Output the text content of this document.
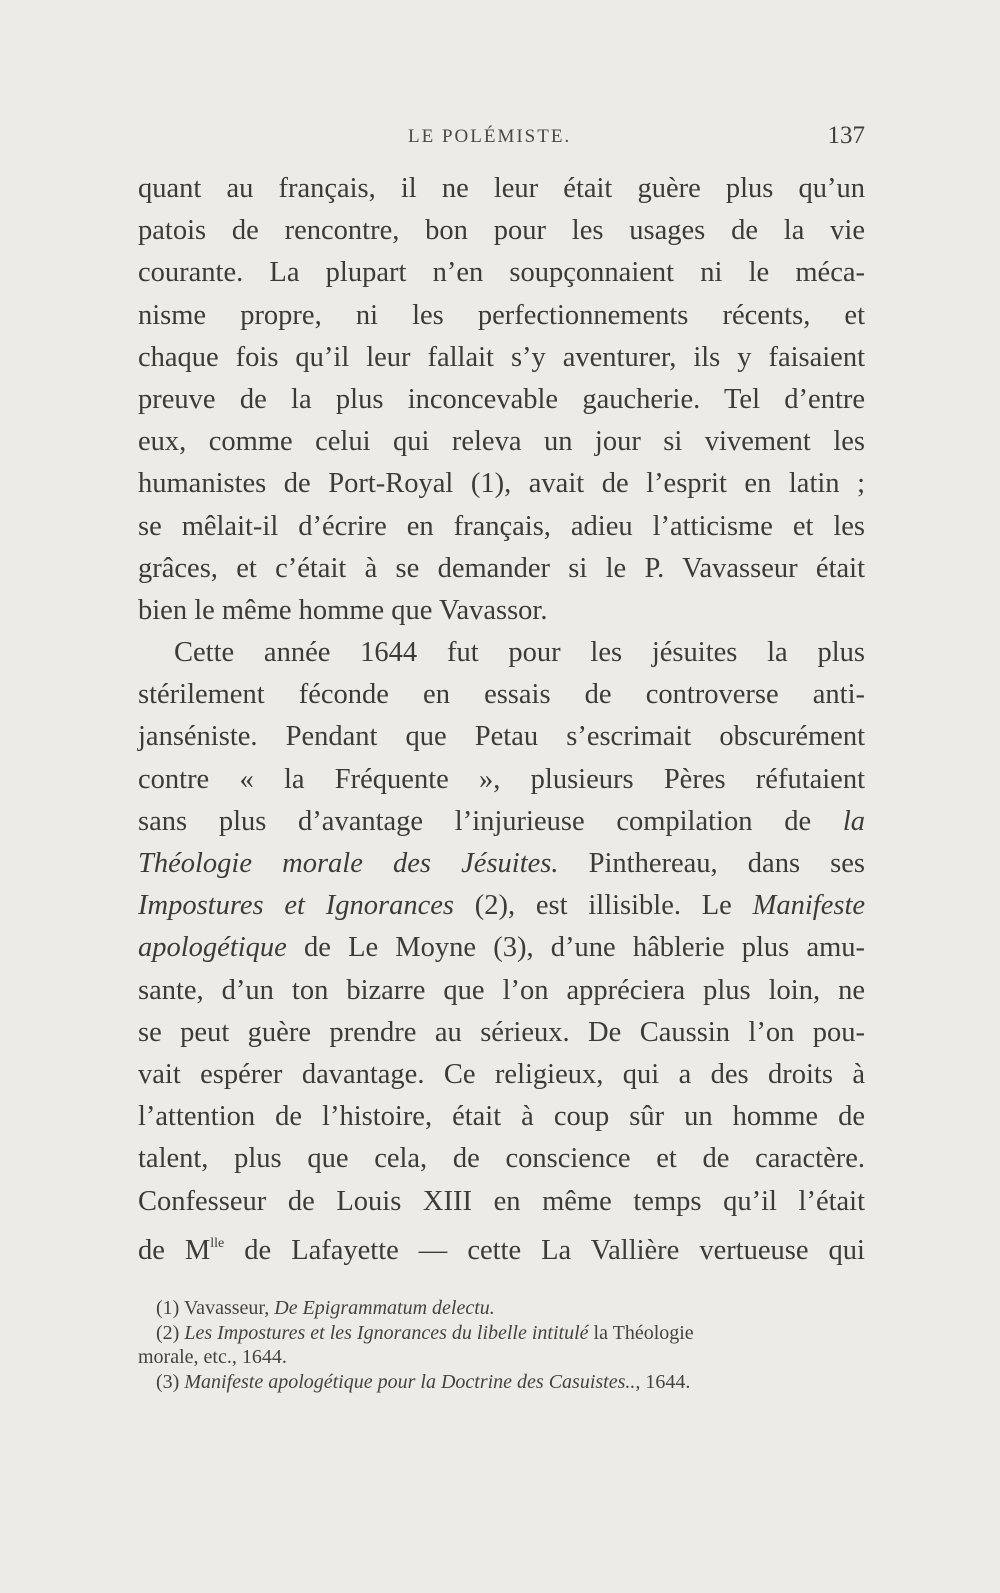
LE POLÉMISTE.	137
quant au français, il ne leur était guère plus qu’un
patois de rencontre, bon pour les usages de la vie
courante. La plupart n’en soupçonnaient ni le méca-
nisme propre, ni les perfectionnements récents, et
chaque fois qu’il leur fallait s’y aventurer, ils y faisaient
preuve de la plus inconcevable gaucherie. Tel d’entre
eux, comme celui qui releva un jour si vivement les
humanistes de Port-Royal (1), avait de l’esprit en latin ;
se mêlait-il d’écrire en français, adieu l’atticisme et les
grâces, et c’était à se demander si le P. Vavasseur était
bien le même homme que Vavassor.
Cette année 1644 fut pour les jésuites la plus
stérilement féconde en essais de controverse anti-
janséniste. Pendant que Petau s’escrimait obscurément
contre « la Fréquente », plusieurs Pères réfutaient
sans plus d’avantage l’injurieuse compilation de la
Théologie morale des Jésuites. Pinthereau, dans ses
Impostures et Ignorances (2), est illisible. Le Manifeste
apologétique de Le Moyne (3), d’une hâblerie plus amu-
sante, d’un ton bizarre que l’on appréciera plus loin, ne
se peut guère prendre au sérieux. De Caussin l’on pou-
vait espérer davantage. Ce religieux, qui a des droits à
l’attention de l’histoire, était à coup sûr un homme de
talent, plus que cela, de conscience et de caractère.
Confesseur de Louis XIII en même temps qu’il l’était
de $M^{lle}$ de Lafayette — cette La Vallière vertueuse qui
(1) Vavasseur, De Epigrammatum delectu.
(2) Les Impostures et les Ignorances du libelle intitulé la Théologie
morale, etc., 1644.
(3) Manifeste apologétique pour la Doctrine des Casuistes.., 1644.
